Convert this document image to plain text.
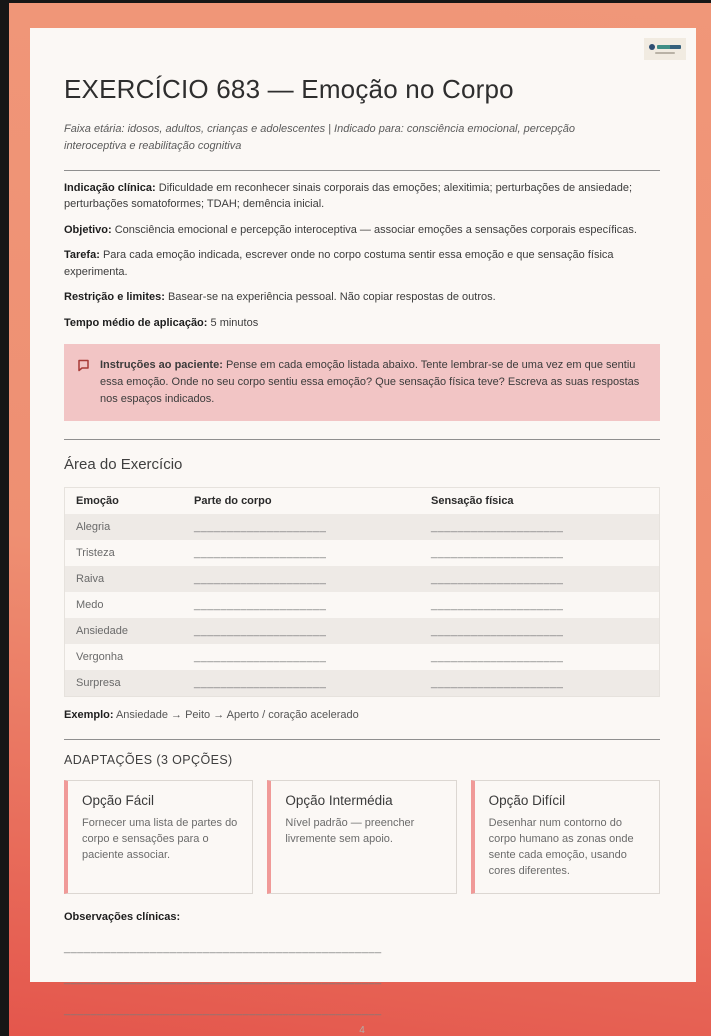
EXERCÍCIO 683 — Emoção no Corpo

Faixa etária: idosos, adultos, crianças e adolescentes | Indicado para: consciência emocional, percepção interoceptiva e reabilitação cognitiva

Indicação clínica: Dificuldade em reconhecer sinais corporais das emoções; alexitimia; perturbações de ansiedade; perturbações somatoformes; TDAH; demência inicial.

Objetivo: Consciência emocional e percepção interoceptiva — associar emoções a sensações corporais específicas.

Tarefa: Para cada emoção indicada, escrever onde no corpo costuma sentir essa emoção e que sensação física experimenta.

Restrição e limites: Basear-se na experiência pessoal. Não copiar respostas de outros.

Tempo médio de aplicação: 5 minutos

Instruções ao paciente: Pense em cada emoção listada abaixo. Tente lembrar-se de uma vez em que sentiu essa emoção. Onde no seu corpo sentiu essa emoção? Que sensação física teve? Escreva as suas respostas nos espaços indicados.

Área do Exercício
Emoção	Parte do corpo	Sensação física
Alegria	____________________	____________________
Tristeza	____________________	____________________
Raiva	____________________	____________________
Medo	____________________	____________________
Ansiedade	____________________	____________________
Vergonha	____________________	____________________
Surpresa	____________________	____________________

Exemplo: Ansiedade → Peito → Aperto / coração acelerado

ADAPTAÇÕES (3 OPÇÕES)
Opção Fácil

Fornecer uma lista de partes do corpo e sensações para o paciente associar.

Opção Intermédia

Nível padrão — preencher livremente sem apoio.

Opção Difícil

Desenhar num contorno do corpo humano as zonas onde sente cada emoção, usando cores diferentes.

Observações clínicas:
________________________________________________
________________________________________________
________________________________________________
4
